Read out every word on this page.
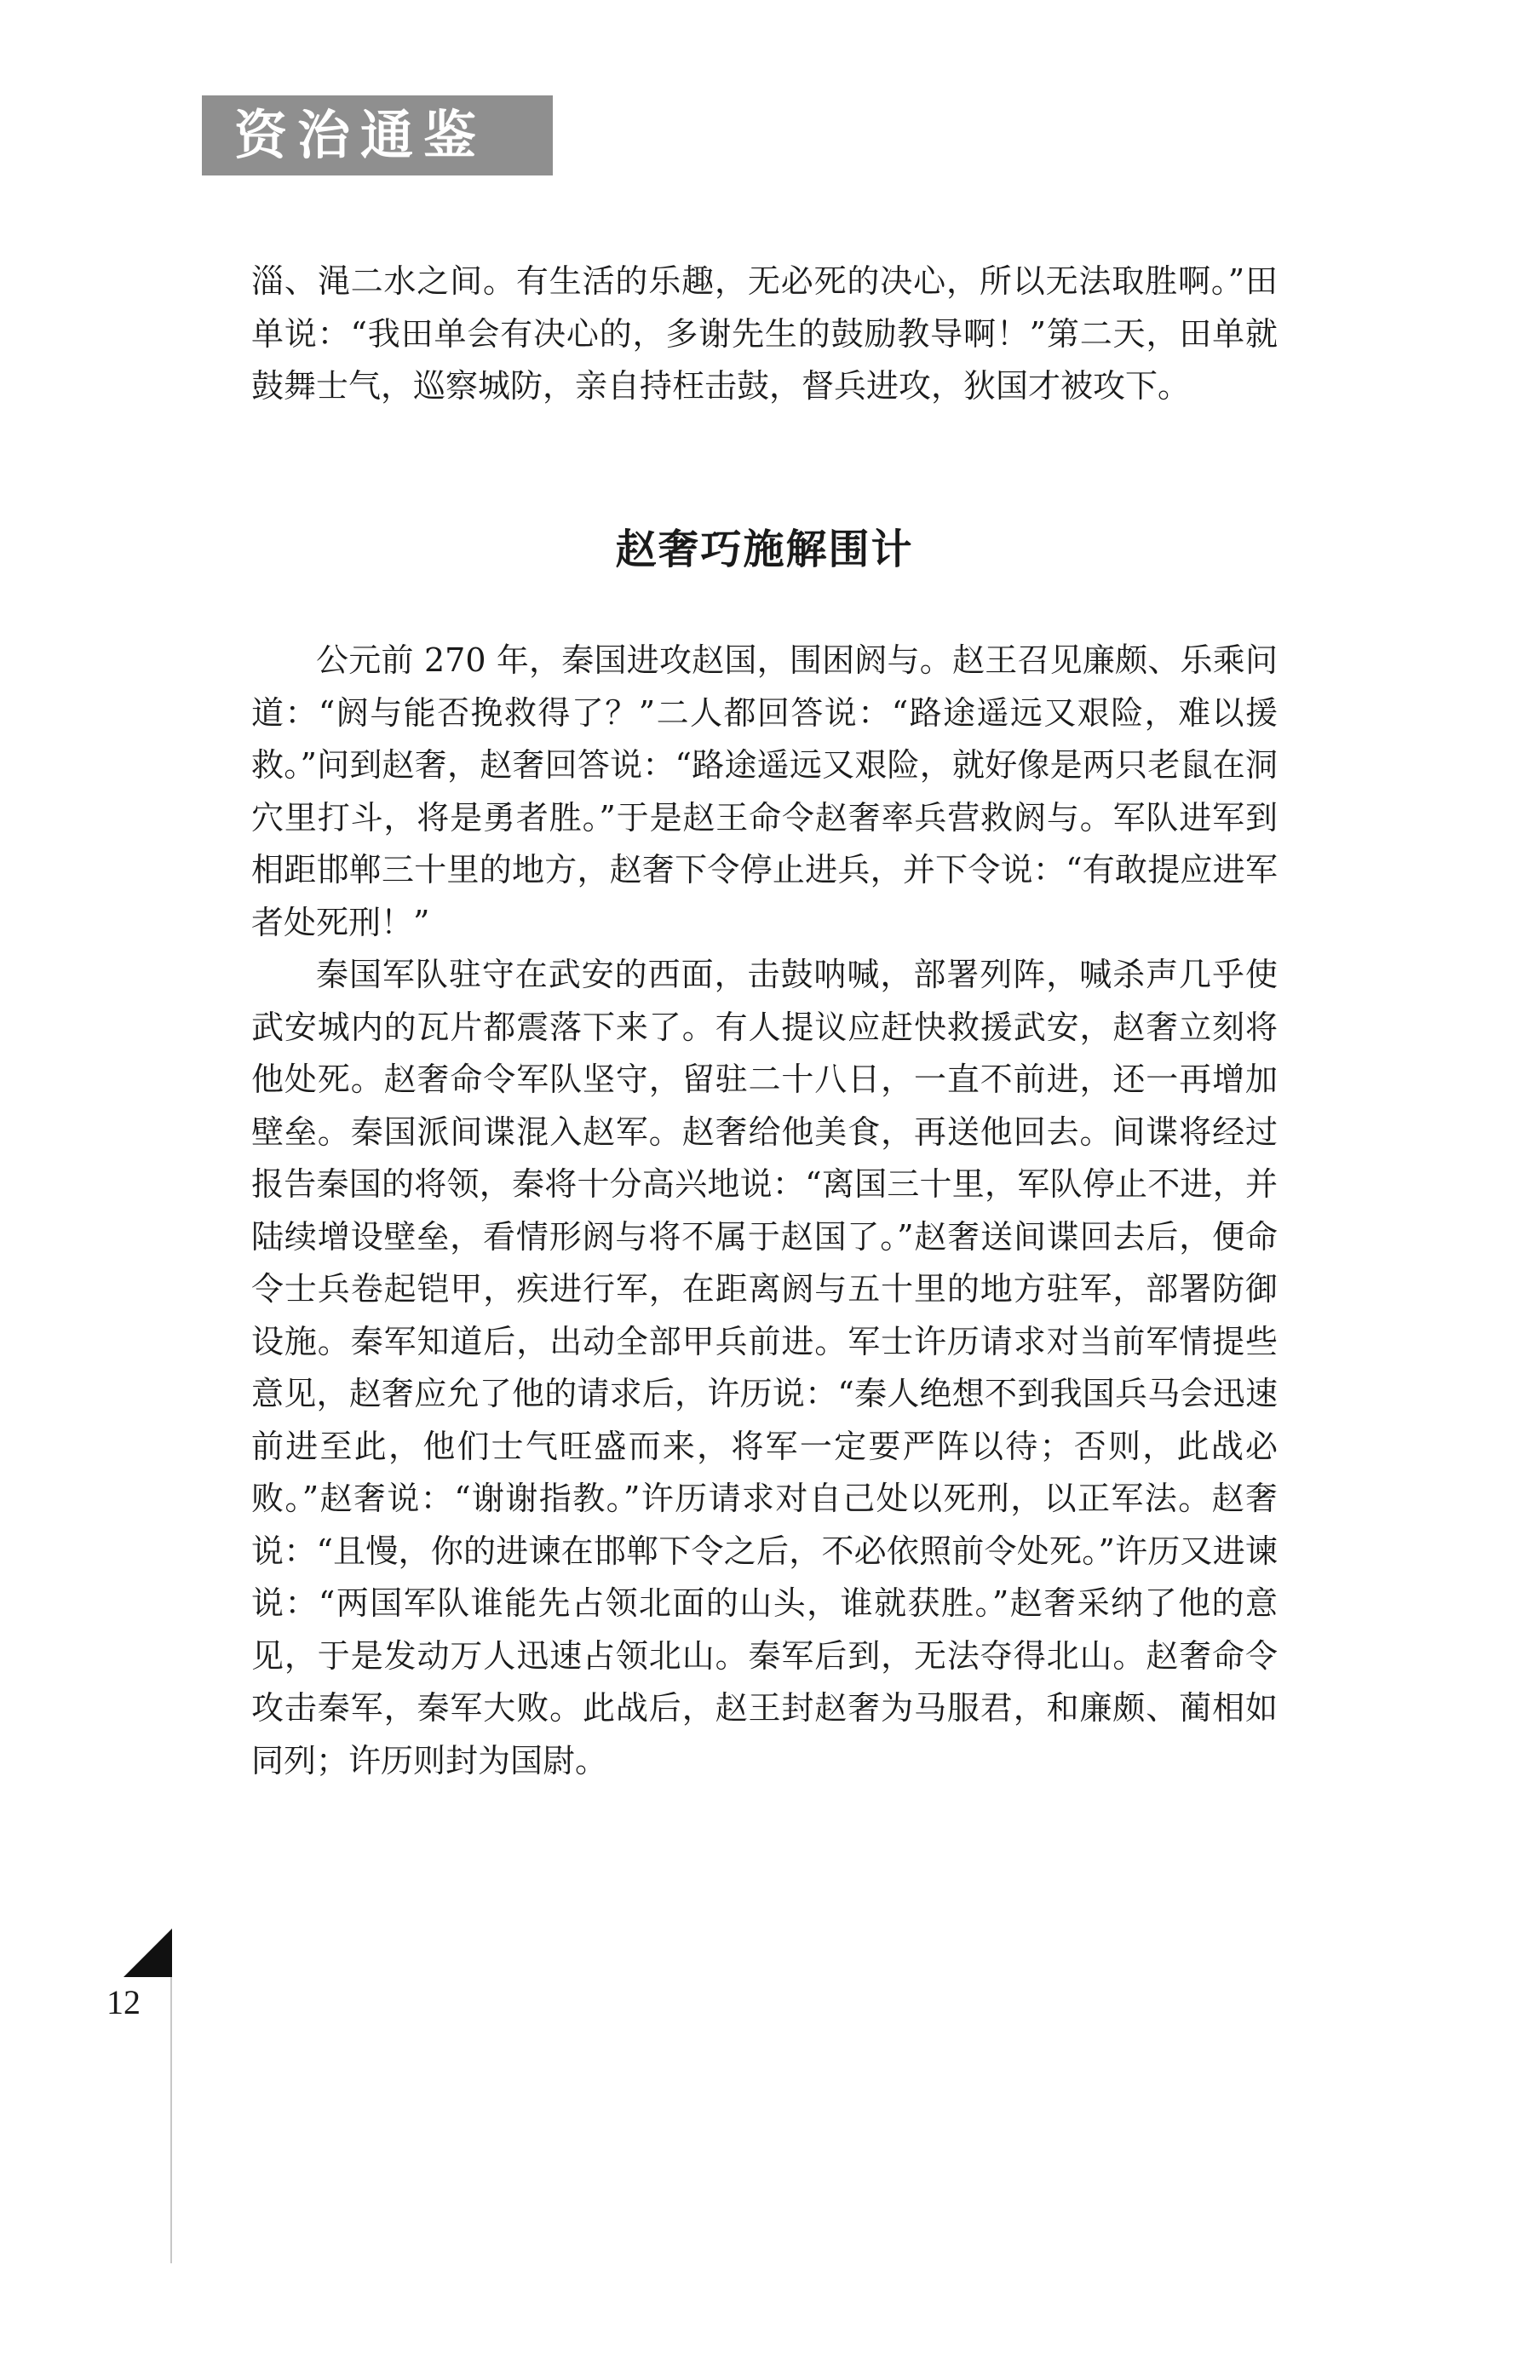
资治通鉴

淄、渑二水之间。有生活的乐趣，无必死的决心，所以无法取胜啊。”田单说：“我田单会有决心的，多谢先生的鼓励教导啊！”第二天，田单就鼓舞士气，巡察城防，亲自持枉击鼓，督兵进攻，狄国才被攻下。

赵奢巧施解围计

公元前 270 年，秦国进攻赵国，围困阏与。赵王召见廉颇、乐乘问道：“阏与能否挽救得了？”二人都回答说：“路途遥远又艰险，难以援救。”问到赵奢，赵奢回答说：“路途遥远又艰险，就好像是两只老鼠在洞穴里打斗，将是勇者胜。”于是赵王命令赵奢率兵营救阏与。军队进军到相距邯郸三十里的地方，赵奢下令停止进兵，并下令说：“有敢提应进军者处死刑！”

秦国军队驻守在武安的西面，击鼓呐喊，部署列阵，喊杀声几乎使武安城内的瓦片都震落下来了。有人提议应赶快救援武安，赵奢立刻将他处死。赵奢命令军队坚守，留驻二十八日，一直不前进，还一再增加壁垒。秦国派间谍混入赵军。赵奢给他美食，再送他回去。间谍将经过报告秦国的将领，秦将十分高兴地说：“离国三十里，军队停止不进，并陆续增设壁垒，看情形阏与将不属于赵国了。”赵奢送间谍回去后，便命令士兵卷起铠甲，疾进行军，在距离阏与五十里的地方驻军，部署防御设施。秦军知道后，出动全部甲兵前进。军士许历请求对当前军情提些意见，赵奢应允了他的请求后，许历说：“秦人绝想不到我国兵马会迅速前进至此，他们士气旺盛而来，将军一定要严阵以待；否则，此战必败。”赵奢说：“谢谢指教。”许历请求对自己处以死刑，以正军法。赵奢说：“且慢，你的进谏在邯郸下令之后，不必依照前令处死。”许历又进谏说：“两国军队谁能先占领北面的山头，谁就获胜。”赵奢采纳了他的意见，于是发动万人迅速占领北山。秦军后到，无法夺得北山。赵奢命令攻击秦军，秦军大败。此战后，赵王封赵奢为马服君，和廉颇、蔺相如同列；许历则封为国尉。

12
